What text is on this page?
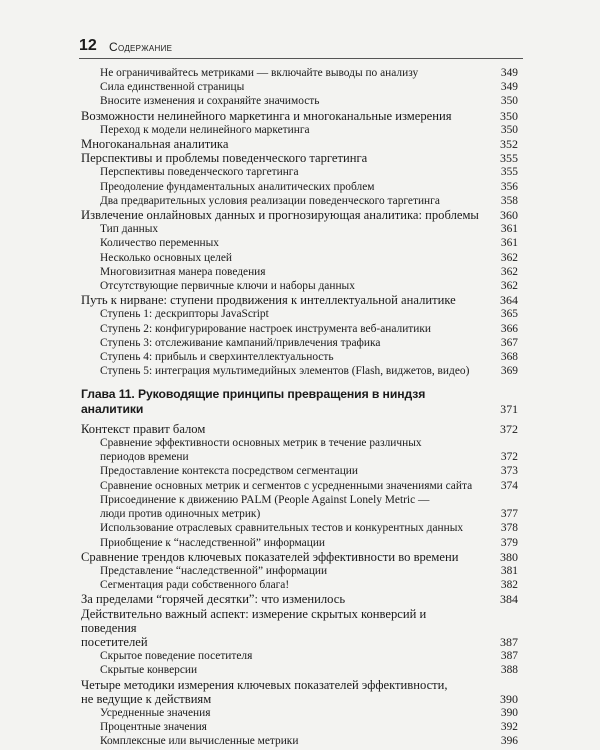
12 Содержание
Не ограничивайтесь метриками — включайте выводы по анализу	349
Сила единственной страницы	349
Вносите изменения и сохраняйте значимость	350
Возможности нелинейного маркетинга и многоканальные измерения	350
Переход к модели нелинейного маркетинга	350
Многоканальная аналитика	352
Перспективы и проблемы поведенческого таргетинга	355
Перспективы поведенческого таргетинга	355
Преодоление фундаментальных аналитических проблем	356
Два предварительных условия реализации поведенческого таргетинга	358
Извлечение онлайновых данных и прогнозирующая аналитика: проблемы	360
Тип данных	361
Количество переменных	361
Несколько основных целей	362
Многовизитная манера поведения	362
Отсутствующие первичные ключи и наборы данных	362
Путь к нирване: ступени продвижения к интеллектуальной аналитике	364
Ступень 1: дескрипторы JavaScript	365
Ступень 2: конфигурирование настроек инструмента веб-аналитики	366
Ступень 3: отслеживание кампаний/привлечения трафика	367
Ступень 4: прибыль и сверхинтеллектуальность	368
Ступень 5: интеграция мультимедийных элементов (Flash, виджетов, видео)	369
Глава 11. Руководящие принципы превращения в ниндзя аналитики	371
Контекст правит балом	372
Сравнение эффективности основных метрик в течение различных
периодов времени	372
Предоставление контекста посредством сегментации	373
Сравнение основных метрик и сегментов с усредненными значениями сайта	374
Присоединение к движению PALM (People Against Lonely Metric —
люди против одиночных метрик)	377
Использование отраслевых сравнительных тестов и конкурентных данных	378
Приобщение к “наследственной” информации	379
Сравнение трендов ключевых показателей эффективности во времени	380
Представление “наследственной” информации	381
Сегментация ради собственного блага!	382
За пределами “горячей десятки”: что изменилось	384
Действительно важный аспект: измерение скрытых конверсий и поведения
посетителей	387
Скрытое поведение посетителя	387
Скрытые конверсии	388
Четыре методики измерения ключевых показателей эффективности,
не ведущие к действиям	390
Усредненные значения	390
Процентные значения	392
Комплексные или вычисленные метрики	396
